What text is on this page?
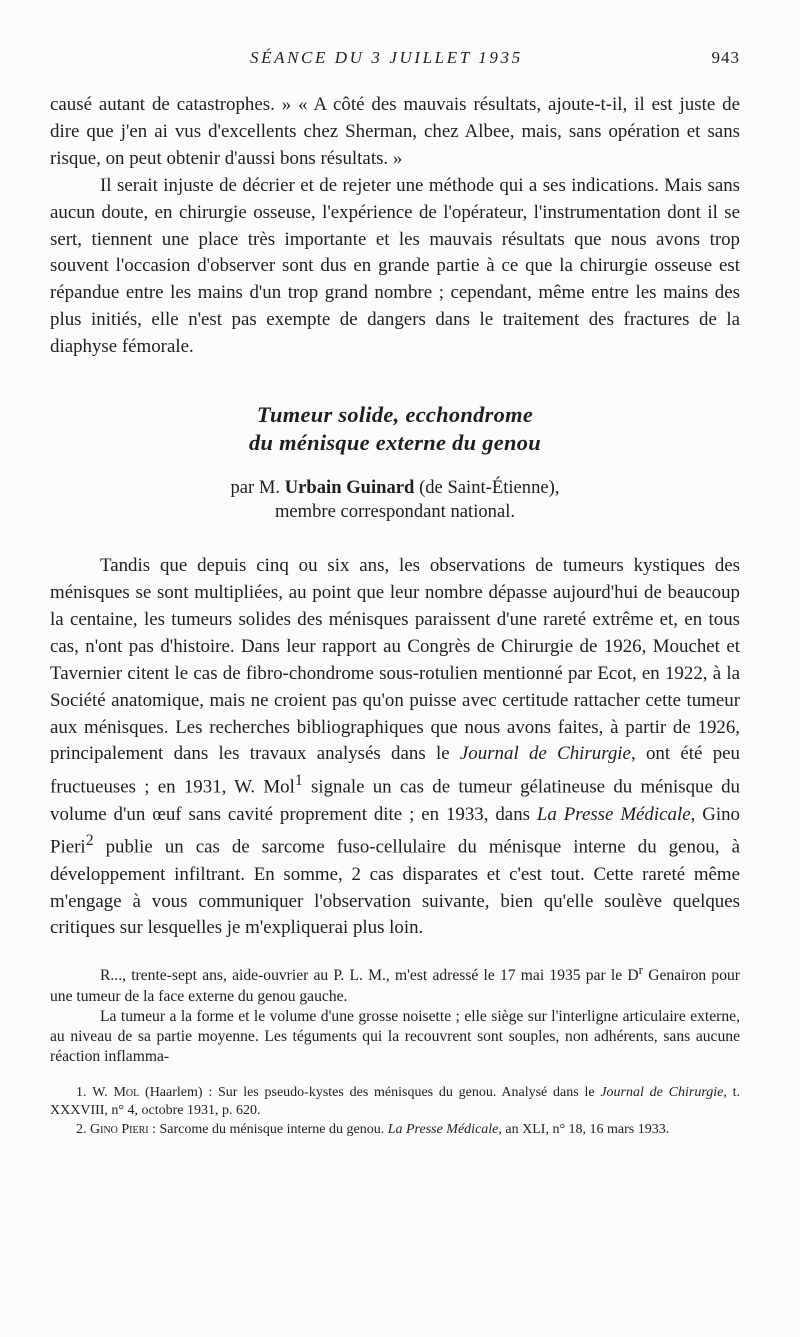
SÉANCE DU 3 JUILLET 1935	943

causé autant de catastrophes. » « A côté des mauvais résultats, ajoute-t-il, il est juste de dire que j'en ai vus d'excellents chez Sherman, chez Albee, mais, sans opération et sans risque, on peut obtenir d'aussi bons résultats. »

Il serait injuste de décrier et de rejeter une méthode qui a ses indications. Mais sans aucun doute, en chirurgie osseuse, l'expérience de l'opérateur, l'instrumentation dont il se sert, tiennent une place très importante et les mauvais résultats que nous avons trop souvent l'occasion d'observer sont dus en grande partie à ce que la chirurgie osseuse est répandue entre les mains d'un trop grand nombre ; cependant, même entre les mains des plus initiés, elle n'est pas exempte de dangers dans le traitement des fractures de la diaphyse fémorale.

Tumeur solide, ecchondrome
du ménisque externe du genou
par M. Urbain Guinard (de Saint-Étienne),
membre correspondant national.

Tandis que depuis cinq ou six ans, les observations de tumeurs kystiques des ménisques se sont multipliées, au point que leur nombre dépasse aujourd'hui de beaucoup la centaine, les tumeurs solides des ménisques paraissent d'une rareté extrême et, en tous cas, n'ont pas d'histoire. Dans leur rapport au Congrès de Chirurgie de 1926, Mouchet et Tavernier citent le cas de fibro-chondrome sous-rotulien mentionné par Ecot, en 1922, à la Société anatomique, mais ne croient pas qu'on puisse avec certitude rattacher cette tumeur aux ménisques. Les recherches bibliographiques que nous avons faites, à partir de 1926, principalement dans les travaux analysés dans le Journal de Chirurgie, ont été peu fructueuses ; en 1931, W. Mol$^1$ signale un cas de tumeur gélatineuse du ménisque du volume d'un œuf sans cavité proprement dite ; en 1933, dans La Presse Médicale, Gino Pieri$^2$ publie un cas de sarcome fuso-cellulaire du ménisque interne du genou, à développement infiltrant. En somme, 2 cas disparates et c'est tout. Cette rareté même m'engage à vous communiquer l'observation suivante, bien qu'elle soulève quelques critiques sur lesquelles je m'expliquerai plus loin.

R..., trente-sept ans, aide-ouvrier au P. L. M., m'est adressé le 17 mai 1935 par le $D^r$ Genairon pour une tumeur de la face externe du genou gauche.

La tumeur a la forme et le volume d'une grosse noisette ; elle siège sur l'interligne articulaire externe, au niveau de sa partie moyenne. Les téguments qui la recouvrent sont souples, non adhérents, sans aucune réaction inflamma-

1. W. Mol (Haarlem) : Sur les pseudo-kystes des ménisques du genou. Analysé dans le Journal de Chirurgie, t. XXXVIII, n° 4, octobre 1931, p. 620.

2. Gino Pieri : Sarcome du ménisque interne du genou. La Presse Médicale, an XLI, n° 18, 16 mars 1933.
